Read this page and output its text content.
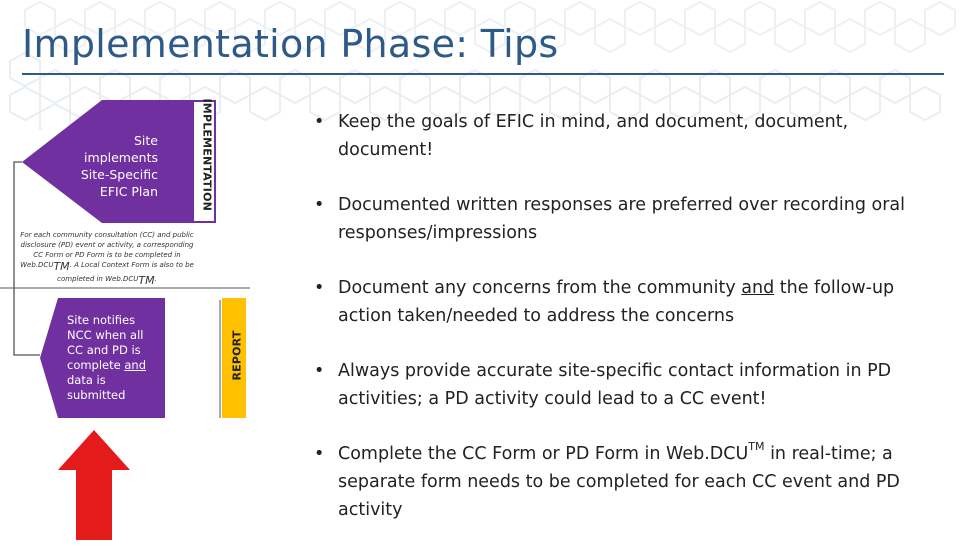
Implementation Phase: Tips
Site
implements
Site-Specific
EFIC Plan	IMPLEMENTATION
For each community consultation (CC) and public disclosure (PD) event or activity, a corresponding CC Form or PD Form is to be completed in Web.DCUTM. A Local Context Form is also to be completed in Web.DCUTM.
Site notifies NCC when all CC and PD is complete and data is submitted
REPORT
• Keep the goals of EFIC in mind, and document, document, document!
• Documented written responses are preferred over recording oral responses/impressions
• Document any concerns from the community and the follow-up action taken/needed to address the concerns
• Always provide accurate site-specific contact information in PD activities; a PD activity could lead to a CC event!
• Complete the CC Form or PD Form in Web.DCU™ in real-time; a separate form needs to be completed for each CC event and PD activity
